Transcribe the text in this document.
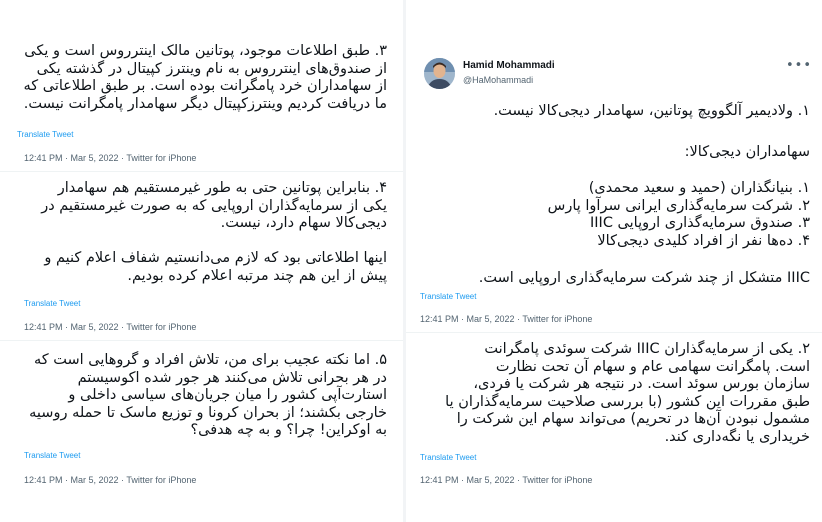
۳. طبق اطلاعات موجود، پوتانین مالک اینترروس است و یکی
از صندوق‌های اینترروس به نام وینترز کپیتال در گذشته یکی
از سهامداران خرد پامگرانت بوده است. بر طبق اطلاعاتی که
ما دریافت کردیم وینترزکپیتال دیگر سهامدار پامگرانت نیست.

Translate Tweet
12:41 PM · Mar 5, 2022 · Twitter for iPhone

۴. بنابراین پوتانین حتی به طور غیرمستقیم هم سهامدار
یکی از سرمایه‌گذاران اروپایی که به صورت غیرمستقیم در
دیجی‌کالا سهام دارد، نیست.

اینها اطلاعاتی بود که لازم می‌دانستیم شفاف اعلام کنیم و
پیش از این هم چند مرتبه اعلام کرده بودیم.

Translate Tweet
12:41 PM · Mar 5, 2022 · Twitter for iPhone

۵. اما نکته عجیب برای من، تلاش افراد و گروهایی است که
در هر بحرانی تلاش می‌کنند هر جور شده اکوسیستم
استارت‌آپی کشور را میان جریان‌های سیاسی داخلی و
خارجی بکشند؛ از بحران کرونا و توزیع ماسک تا حمله روسیه
به اوکراین! چرا؟ و به چه هدفی؟

Translate Tweet
12:41 PM · Mar 5, 2022 · Twitter for iPhone
Hamid Mohammadi
@HaMohammadi
•••

۱. ولادیمیر آلگوویچ پوتانین، سهامدار دیجی‌کالا نیست.

سهامداران دیجی‌کالا:

۱. بنیانگذاران (حمید و سعید محمدی)

۲. شرکت سرمایه‌گذاری ایرانی سرآوا پارس

۳. صندوق سرمایه‌گذاری اروپایی IIIC

۴. ده‌ها نفر از افراد کلیدی دیجی‌کالا

IIIC متشکل از چند شرکت سرمایه‌گذاری اروپایی است.

Translate Tweet
12:41 PM · Mar 5, 2022 · Twitter for iPhone

۲. یکی از سرمایه‌گذاران IIIC شرکت سوئدی پامگرانت
است. پامگرانت سهامی عام و سهام آن تحت نظارت
سازمان بورس سوئد است. در نتیجه هر شرکت یا فردی،
طبق مقررات این کشور (با بررسی صلاحیت سرمایه‌گذاران یا
مشمول نبودن آن‌ها در تحریم) می‌تواند سهام این شرکت را
خریداری یا نگه‌داری کند.

Translate Tweet
12:41 PM · Mar 5, 2022 · Twitter for iPhone
